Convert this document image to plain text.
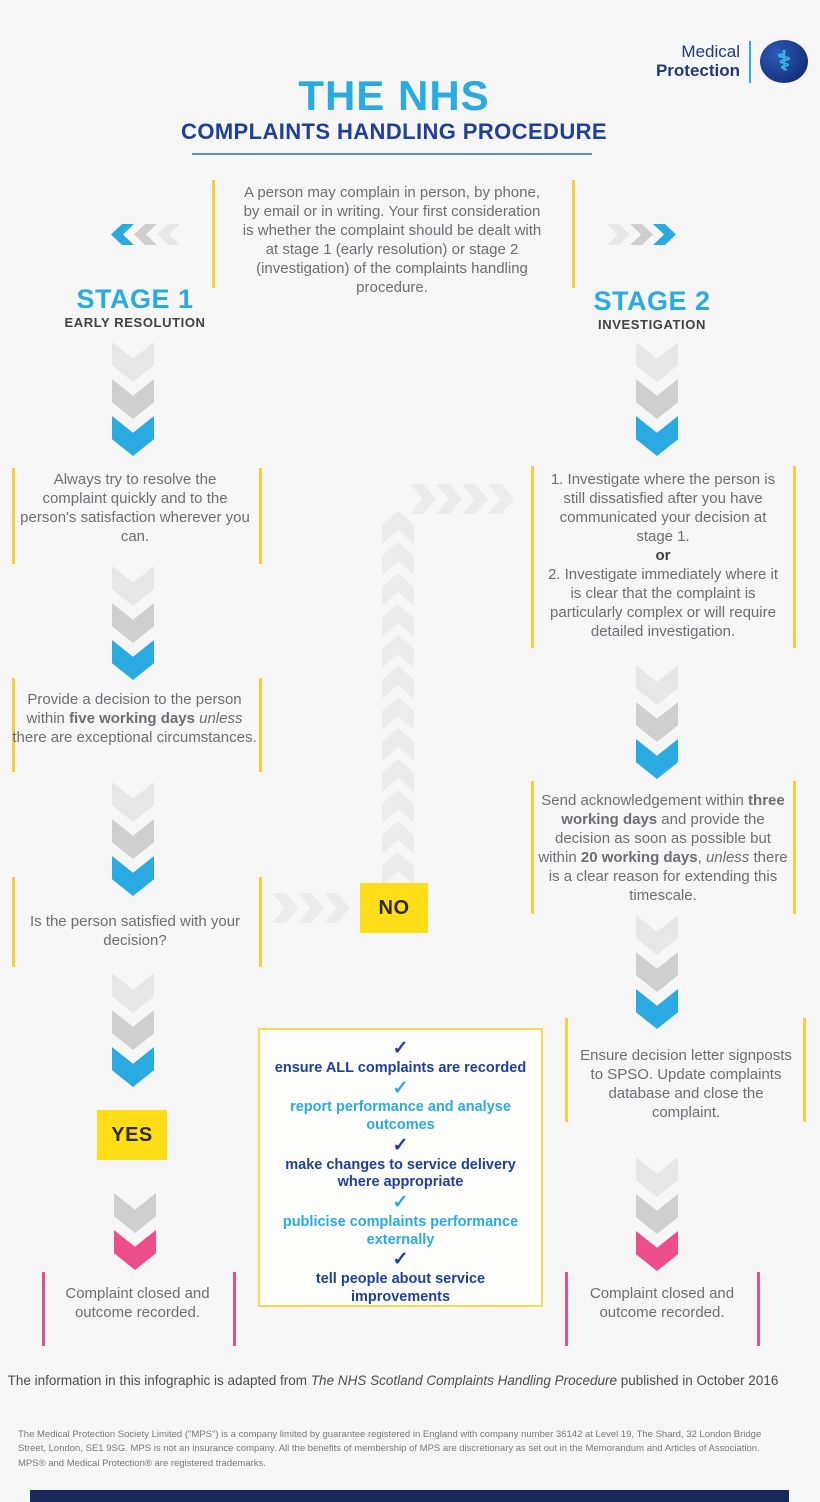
Medical
Protection	⚕
THE NHS
COMPLAINTS HANDLING PROCEDURE
A person may complain in person, by phone, by email or in writing. Your first consideration is whether the complaint should be dealt with at stage 1 (early resolution) or stage 2 (investigation) of the complaints handling procedure.
STAGE 1
EARLY RESOLUTION
STAGE 2
INVESTIGATION
Always try to resolve the complaint quickly and to the person's satisfaction wherever you can.
Provide a decision to the person within five working days unless there are exceptional circumstances.
Is the person satisfied with your decision?
YES
Complaint closed and outcome recorded.
NO
✓
ensure ALL complaints are recorded
✓
report performance and analyse outcomes
✓
make changes to service delivery where appropriate
✓
publicise complaints performance externally
✓
tell people about service improvements
1. Investigate where the person is still dissatisfied after you have communicated your decision at stage 1.
or
2. Investigate immediately where it is clear that the complaint is particularly complex or will require detailed investigation.
Send acknowledgement within three working days and provide the decision as soon as possible but within 20 working days, unless there is a clear reason for extending this timescale.
Ensure decision letter signposts to SPSO. Update complaints database and close the complaint.
Complaint closed and outcome recorded.
The information in this infographic is adapted from The NHS Scotland Complaints Handling Procedure published in October 2016
The Medical Protection Society Limited ("MPS") is a company limited by guarantee registered in England with company number 36142 at Level 19, The Shard, 32 London Bridge Street, London, SE1 9SG. MPS is not an insurance company. All the benefits of membership of MPS are discretionary as set out in the Memorandum and Articles of Association. MPS® and Medical Protection® are registered trademarks.
